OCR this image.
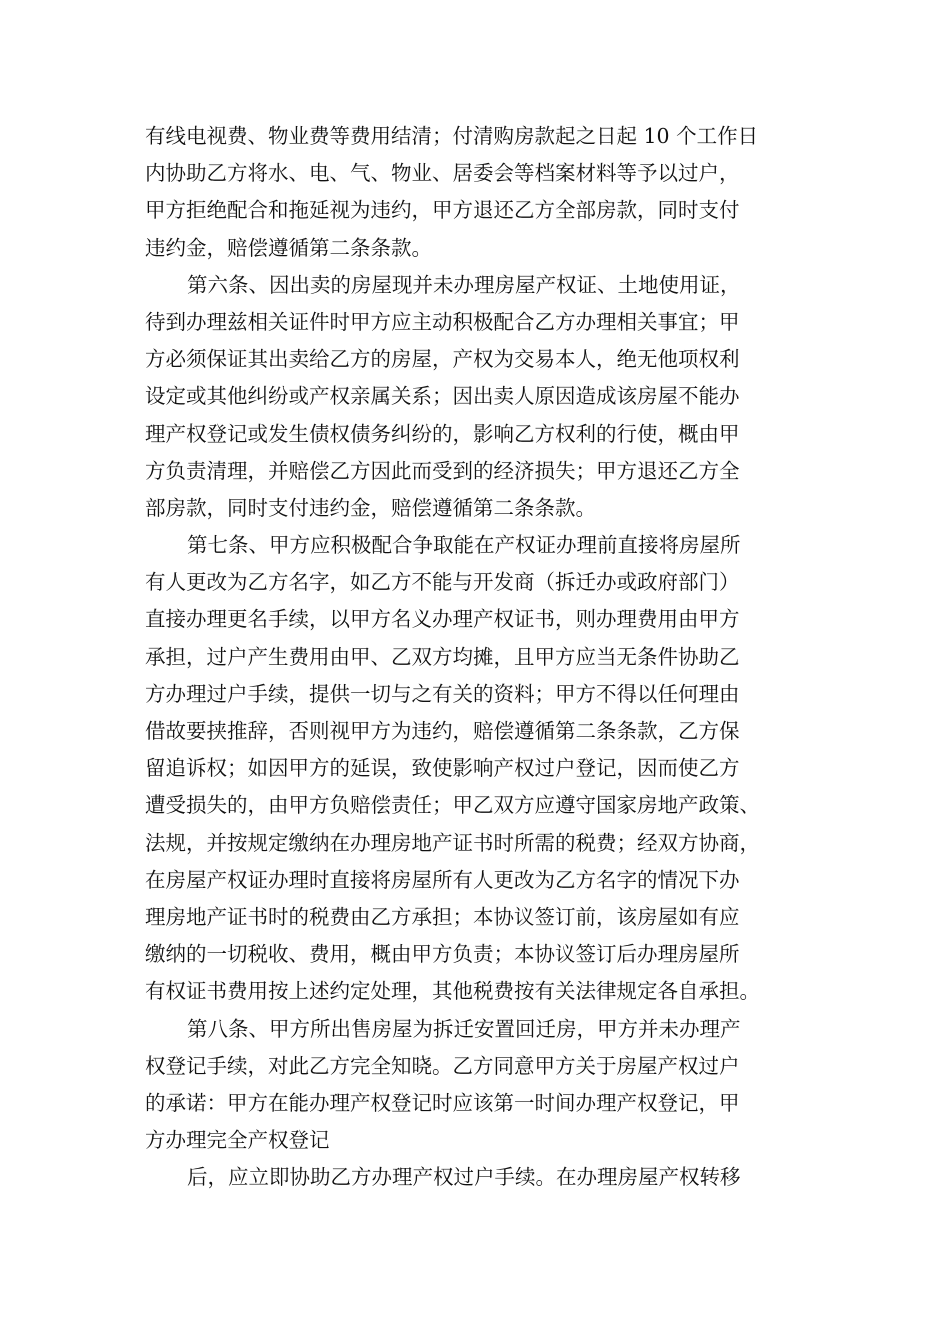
有线电视费、物业费等费用结清；付清购房款起之日起 10 个工作日
内协助乙方将水、电、气、物业、居委会等档案材料等予以过户，
甲方拒绝配合和拖延视为违约，甲方退还乙方全部房款，同时支付
违约金，赔偿遵循第二条条款。
第六条、因出卖的房屋现并未办理房屋产权证、土地使用证，
待到办理兹相关证件时甲方应主动积极配合乙方办理相关事宜；甲
方必须保证其出卖给乙方的房屋，产权为交易本人，绝无他项权利
设定或其他纠纷或产权亲属关系；因出卖人原因造成该房屋不能办
理产权登记或发生债权债务纠纷的，影响乙方权利的行使，概由甲
方负责清理，并赔偿乙方因此而受到的经济损失；甲方退还乙方全
部房款，同时支付违约金，赔偿遵循第二条条款。
第七条、甲方应积极配合争取能在产权证办理前直接将房屋所
有人更改为乙方名字，如乙方不能与开发商（拆迁办或政府部门）
直接办理更名手续，以甲方名义办理产权证书，则办理费用由甲方
承担，过户产生费用由甲、乙双方均摊，且甲方应当无条件协助乙
方办理过户手续，提供一切与之有关的资料；甲方不得以任何理由
借故要挟推辞，否则视甲方为违约，赔偿遵循第二条条款，乙方保
留追诉权；如因甲方的延误，致使影响产权过户登记，因而使乙方
遭受损失的，由甲方负赔偿责任；甲乙双方应遵守国家房地产政策、
法规，并按规定缴纳在办理房地产证书时所需的税费；经双方协商，
在房屋产权证办理时直接将房屋所有人更改为乙方名字的情况下办
理房地产证书时的税费由乙方承担；本协议签订前，该房屋如有应
缴纳的一切税收、费用，概由甲方负责；本协议签订后办理房屋所
有权证书费用按上述约定处理，其他税费按有关法律规定各自承担。
第八条、甲方所出售房屋为拆迁安置回迁房，甲方并未办理产
权登记手续，对此乙方完全知晓。乙方同意甲方关于房屋产权过户
的承诺：甲方在能办理产权登记时应该第一时间办理产权登记，甲
方办理完全产权登记
后，应立即协助乙方办理产权过户手续。在办理房屋产权转移
